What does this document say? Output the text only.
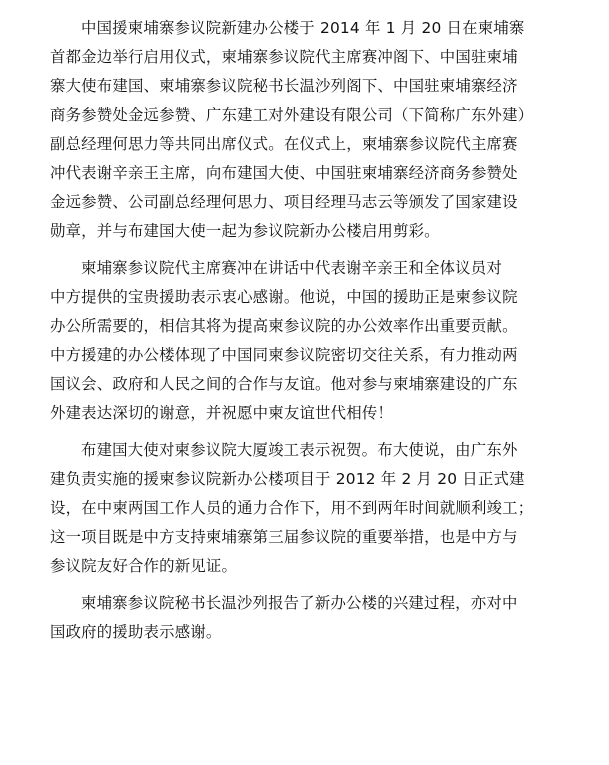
中国援柬埔寨参议院新建办公楼于 2014 年 1 月 20 日在柬埔寨
首都金边举行启用仪式，柬埔寨参议院代主席赛冲阁下、中国驻柬埔
寨大使布建国、柬埔寨参议院秘书长温沙列阁下、中国驻柬埔寨经济
商务参赞处金远参赞、广东建工对外建设有限公司（下简称广东外建）
副总经理何思力等共同出席仪式。在仪式上，柬埔寨参议院代主席赛
冲代表谢辛亲王主席，向布建国大使、中国驻柬埔寨经济商务参赞处
金远参赞、公司副总经理何思力、项目经理马志云等颁发了国家建设
勋章，并与布建国大使一起为参议院新办公楼启用剪彩。
柬埔寨参议院代主席赛冲在讲话中代表谢辛亲王和全体议员对
中方提供的宝贵援助表示衷心感谢。他说，中国的援助正是柬参议院
办公所需要的，相信其将为提高柬参议院的办公效率作出重要贡献。
中方援建的办公楼体现了中国同柬参议院密切交往关系，有力推动两
国议会、政府和人民之间的合作与友谊。他对参与柬埔寨建设的广东
外建表达深切的谢意，并祝愿中柬友谊世代相传！
布建国大使对柬参议院大厦竣工表示祝贺。布大使说，由广东外
建负责实施的援柬参议院新办公楼项目于 2012 年 2 月 20 日正式建
设，在中柬两国工作人员的通力合作下，用不到两年时间就顺利竣工；
这一项目既是中方支持柬埔寨第三届参议院的重要举措，也是中方与
参议院友好合作的新见证。
柬埔寨参议院秘书长温沙列报告了新办公楼的兴建过程，亦对中
国政府的援助表示感谢。
